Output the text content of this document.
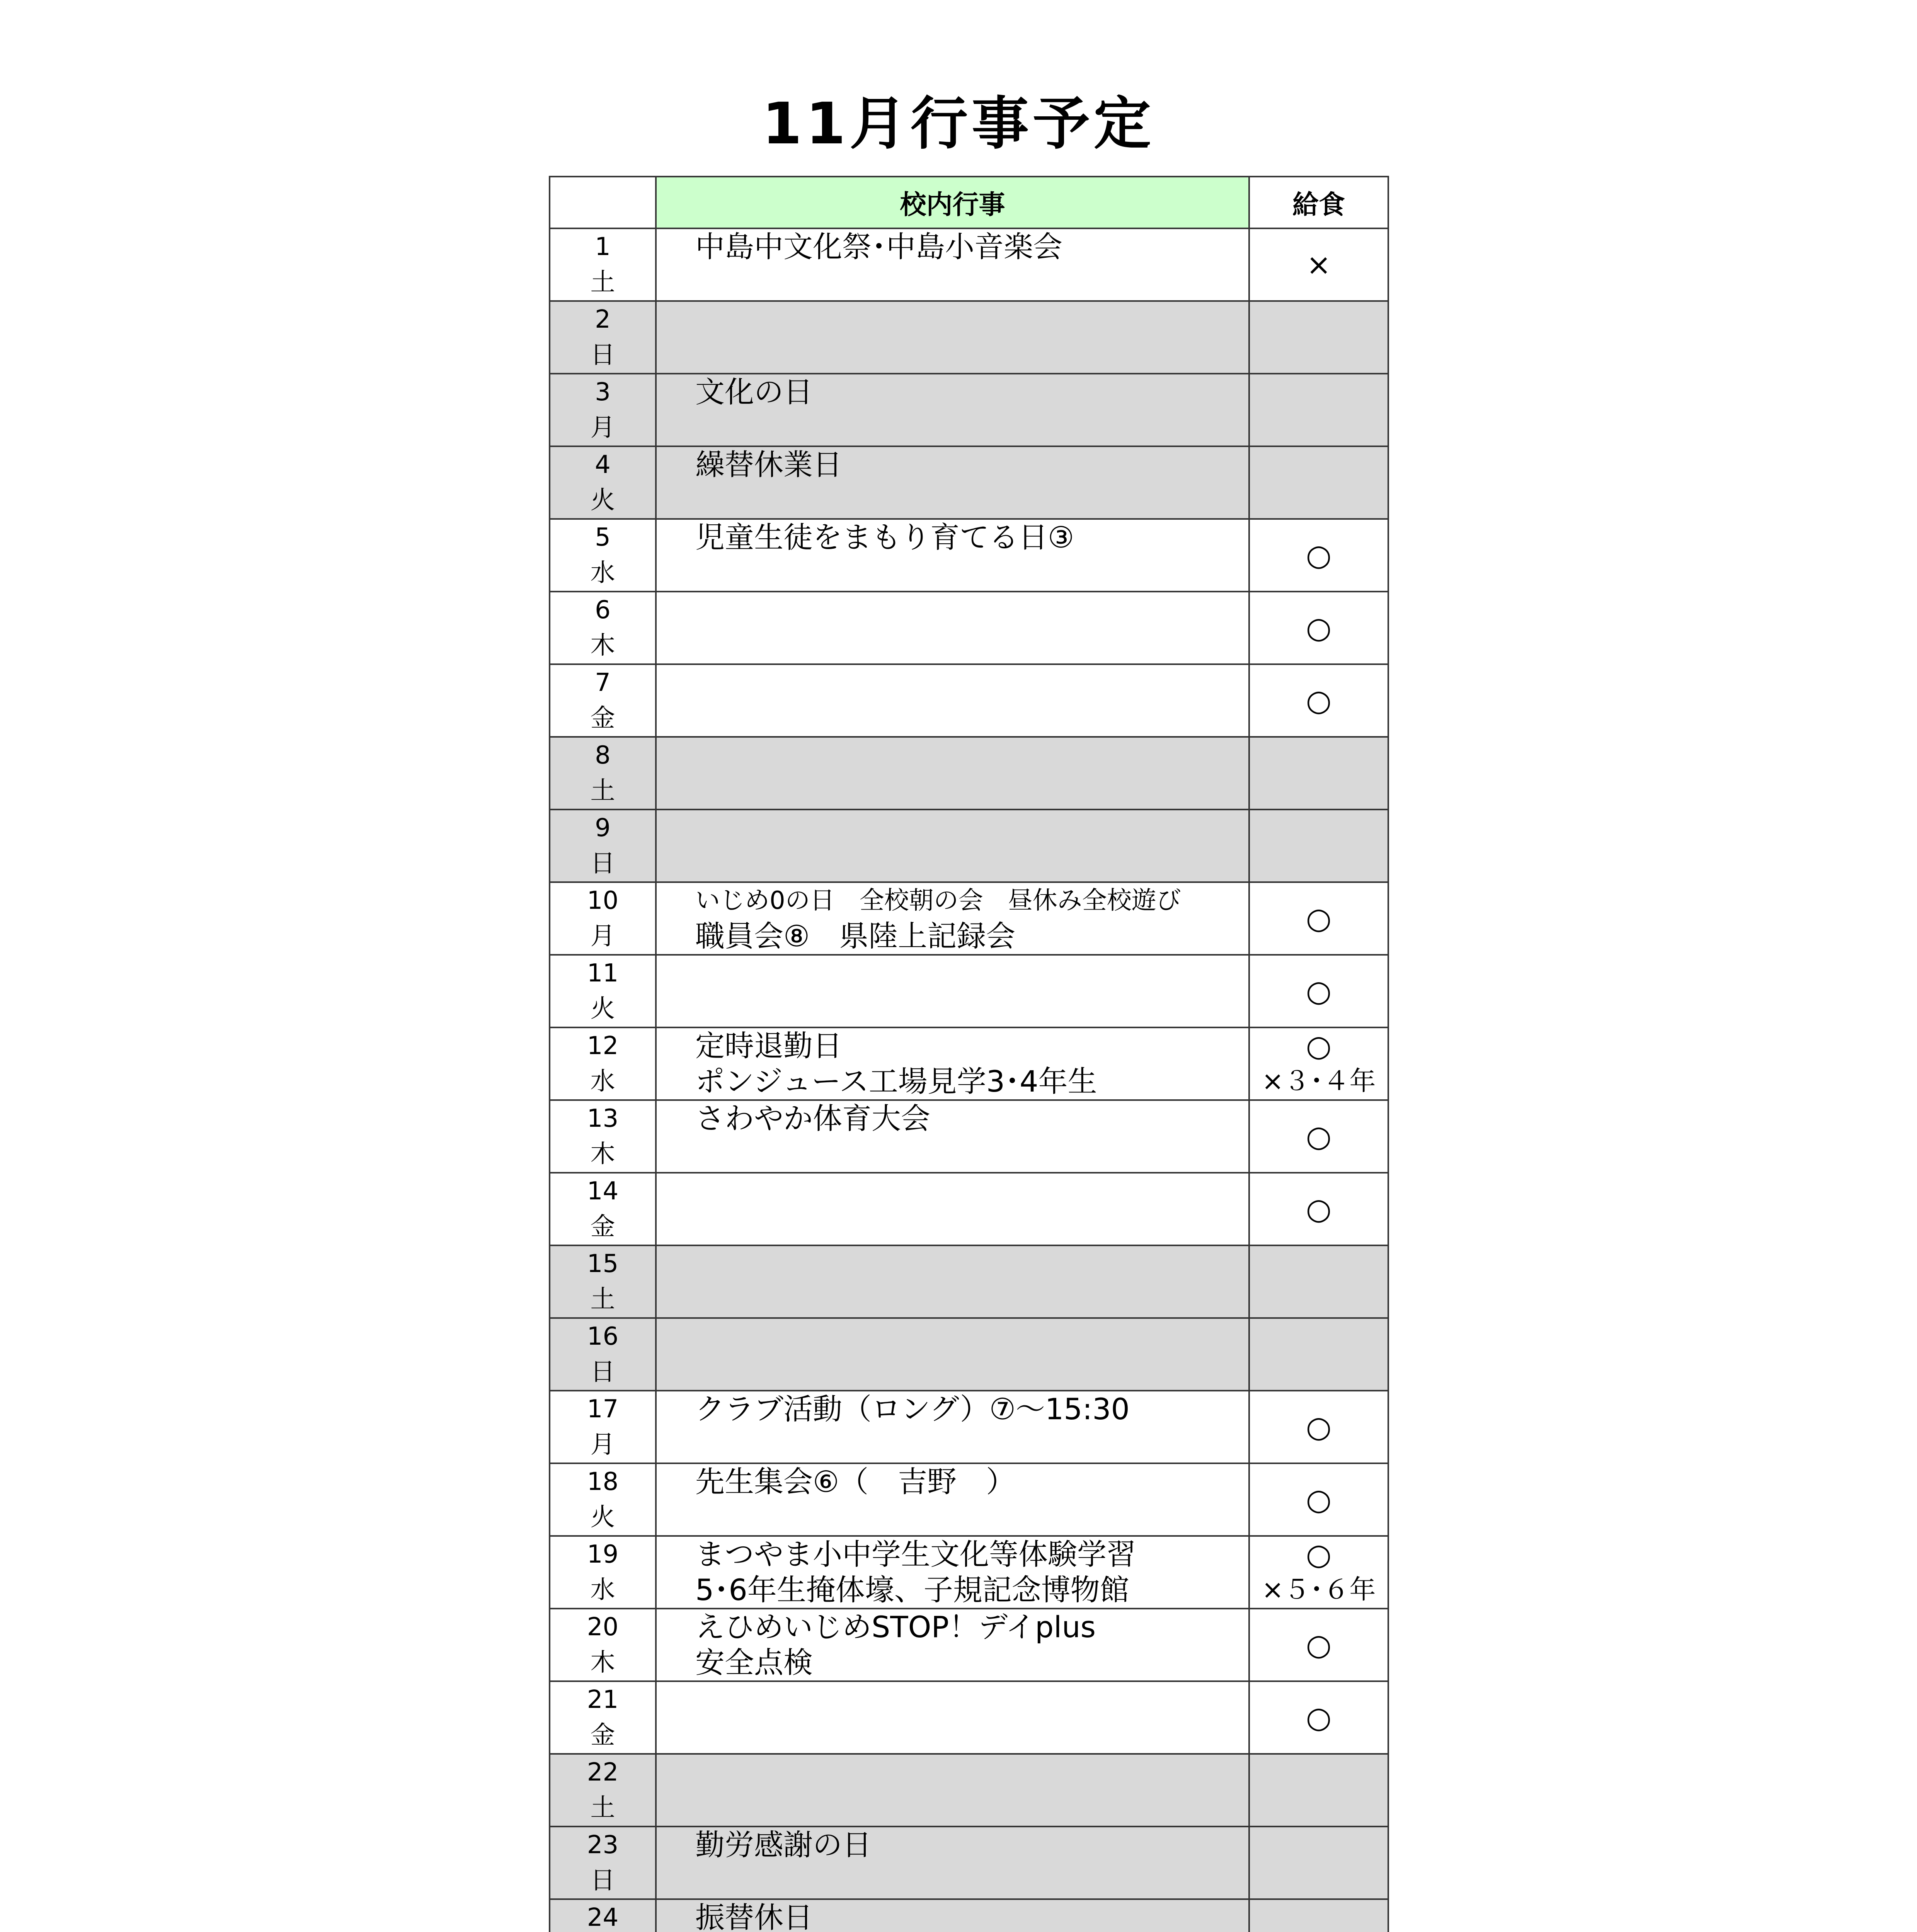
11月行事予定
	校内行事	給食

1
土	中島中文化祭･中島小音楽会	×

2
日		

3
月	文化の日	

4
火	繰替休業日	

5
水	児童生徒をまもり育てる日③	○

6
木		○

7
金		○

8
土		

9
日		

10
月	いじめ0の日　全校朝の会　昼休み全校遊び
職員会⑧　県陸上記録会	○

11
火		○

12
水	定時退勤日
ポンジュース工場見学3･4年生	○
×３･４年

13
木	さわやか体育大会	○

14
金		○

15
土		

16
日		

17
月	クラブ活動（ロング）⑦～15:30	○

18
火	先生集会⑥（　吉野　）	○

19
水	まつやま小中学生文化等体験学習
5･6年生掩体壕、子規記念博物館	○
×５･６年

20
木	えひめいじめSTOP！デイplus
安全点検	○

21
金		○

22
土		

23
日	勤労感謝の日	

24	振替休日	
